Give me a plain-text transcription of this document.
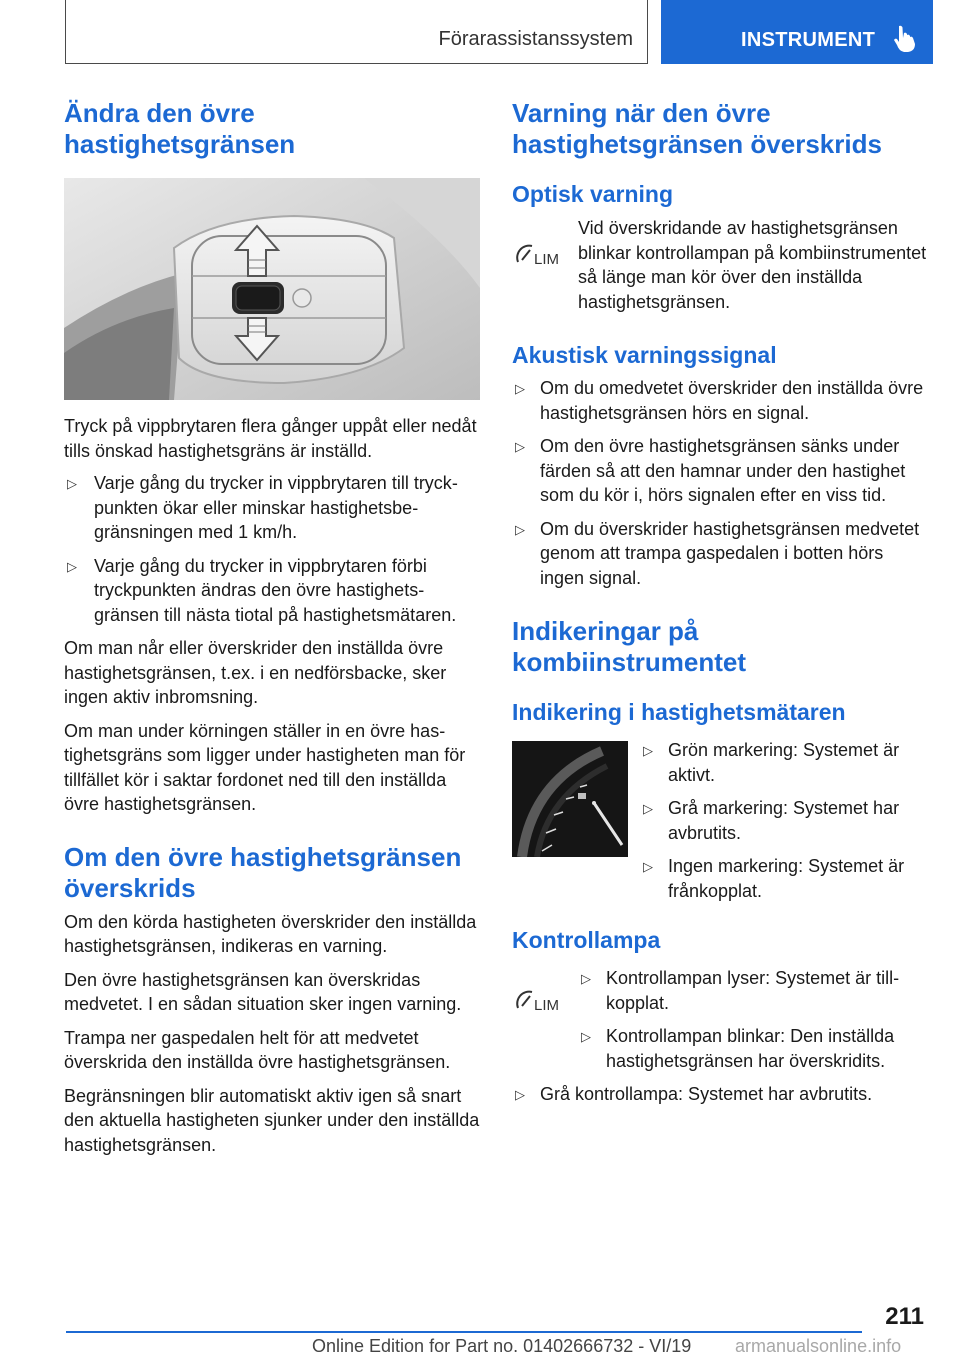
Förarassistanssystem	INSTRUMENT
Ändra den övre hastighetsgränsen

Tryck på vippbrytaren flera gånger uppåt eller nedåt tills önskad hastighetsgräns är inställd.

▷ Varje gång du trycker in vippbrytaren till tryckpunkten ökar eller minskar hastighetsbegränsningen med 1 km/h.
▷ Varje gång du trycker in vippbrytaren förbi tryckpunkten ändras den övre hastighetsgränsen till nästa tiotal på hastighetsmätaren.

Om man når eller överskrider den inställda övre hastighetsgränsen, t.ex. i en nedförsbacke, sker ingen aktiv inbromsning.

Om man under körningen ställer in en övre hastighetsgräns som ligger under hastigheten man för tillfället kör i saktar fordonet ned till den inställda övre hastighetsgränsen.

Om den övre hastighetsgränsen överskrids

Om den körda hastigheten överskrider den inställda hastighetsgränsen, indikeras en varning.

Den övre hastighetsgränsen kan överskridas medvetet. I en sådan situation sker ingen varning.

Trampa ner gaspedalen helt för att medvetet överskrida den inställda övre hastighetsgränsen.

Begränsningen blir automatiskt aktiv igen så snart den aktuella hastigheten sjunker under den inställda hastighetsgränsen.

Varning när den övre hastighetsgränsen överskrids
Optisk varning
LIM

Vid överskridande av hastighetsgränsen blinkar kontrollampan på kombiinstrumentet så länge man kör över den inställda hastighetsgränsen.

Akustisk varningssignal
▷ Om du omedvetet överskrider den inställda övre hastighetsgränsen hörs en signal.
▷ Om den övre hastighetsgränsen sänks under färden så att den hamnar under den hastighet som du kör i, hörs signalen efter en viss tid.
▷ Om du överskrider hastighetsgränsen medvetet genom att trampa gaspedalen i botten hörs ingen signal.
Indikeringar på kombiinstrumentet
Indikering i hastighetsmätaren
▷ Grön markering: Systemet är aktivt.
▷ Grå markering: Systemet har avbrutits.
▷ Ingen markering: Systemet är frånkopplat.
Kontrollampa
LIM
▷ Kontrollampan lyser: Systemet är tillkopplat.
▷ Kontrollampan blinkar: Den inställda hastighetsgränsen har överskridits.
▷ Grå kontrollampa: Systemet har avbrutits.
211
Online Edition for Part no. 01402666732 - VI/19 armanualsonline.info
